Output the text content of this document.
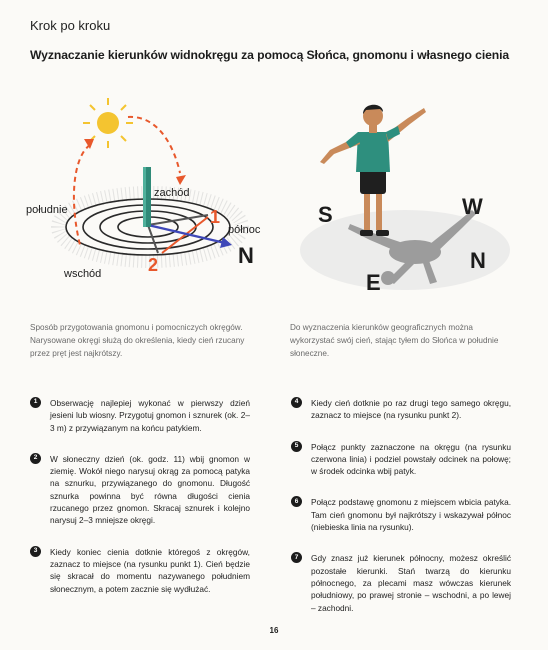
Krok po kroku
Wyznaczanie kierunków widnokręgu za pomocą Słońca, gnomonu i własnego cienia
południe
zachód
północ
wschód
N
1
2
S	W
N
E
Sposób przygotowania gnomonu i pomocniczych okręgów. Narysowane okręgi służą do określenia, kiedy cień rzucany przez pręt jest najkrótszy.
Do wyznaczenia kierunków geograficznych można wykorzystać swój cień, stając tyłem do Słońca w południe słoneczne.
1	Obserwację najlepiej wykonać w pierwszy dzień jesieni lub wiosny. Przygotuj gnomon i sznurek (ok. 2–3 m) z przywiązanym na końcu patykiem.
2	W słoneczny dzień (ok. godz. 11) wbij gnomon w ziemię. Wokół niego narysuj okrąg za pomocą patyka na sznurku, przywiązanego do gnomonu. Długość sznurka powinna być równa długości cienia rzucanego przez gnomon. Skracaj sznurek i kolejno narysuj 2–3 mniejsze okręgi.
3	Kiedy koniec cienia dotknie któregoś z okręgów, zaznacz to miejsce (na rysunku punkt 1). Cień będzie się skracał do momentu nazywanego południem słonecznym, a potem zacznie się wydłużać.
4	Kiedy cień dotknie po raz drugi tego samego okręgu, zaznacz to miejsce (na rysunku punkt 2).
5	Połącz punkty zaznaczone na okręgu (na rysunku czerwona linia) i podziel powstały odcinek na połowę; w środek odcinka wbij patyk.
6	Połącz podstawę gnomonu z miejscem wbicia patyka. Tam cień gnomonu był najkrótszy i wskazywał północ (niebieska linia na rysunku).
7	Gdy znasz już kierunek północny, możesz określić pozostałe kierunki. Stań twarzą do kierunku północnego, za plecami masz wówczas kierunek południowy, po prawej stronie – wschodni, a po lewej – zachodni.
16
